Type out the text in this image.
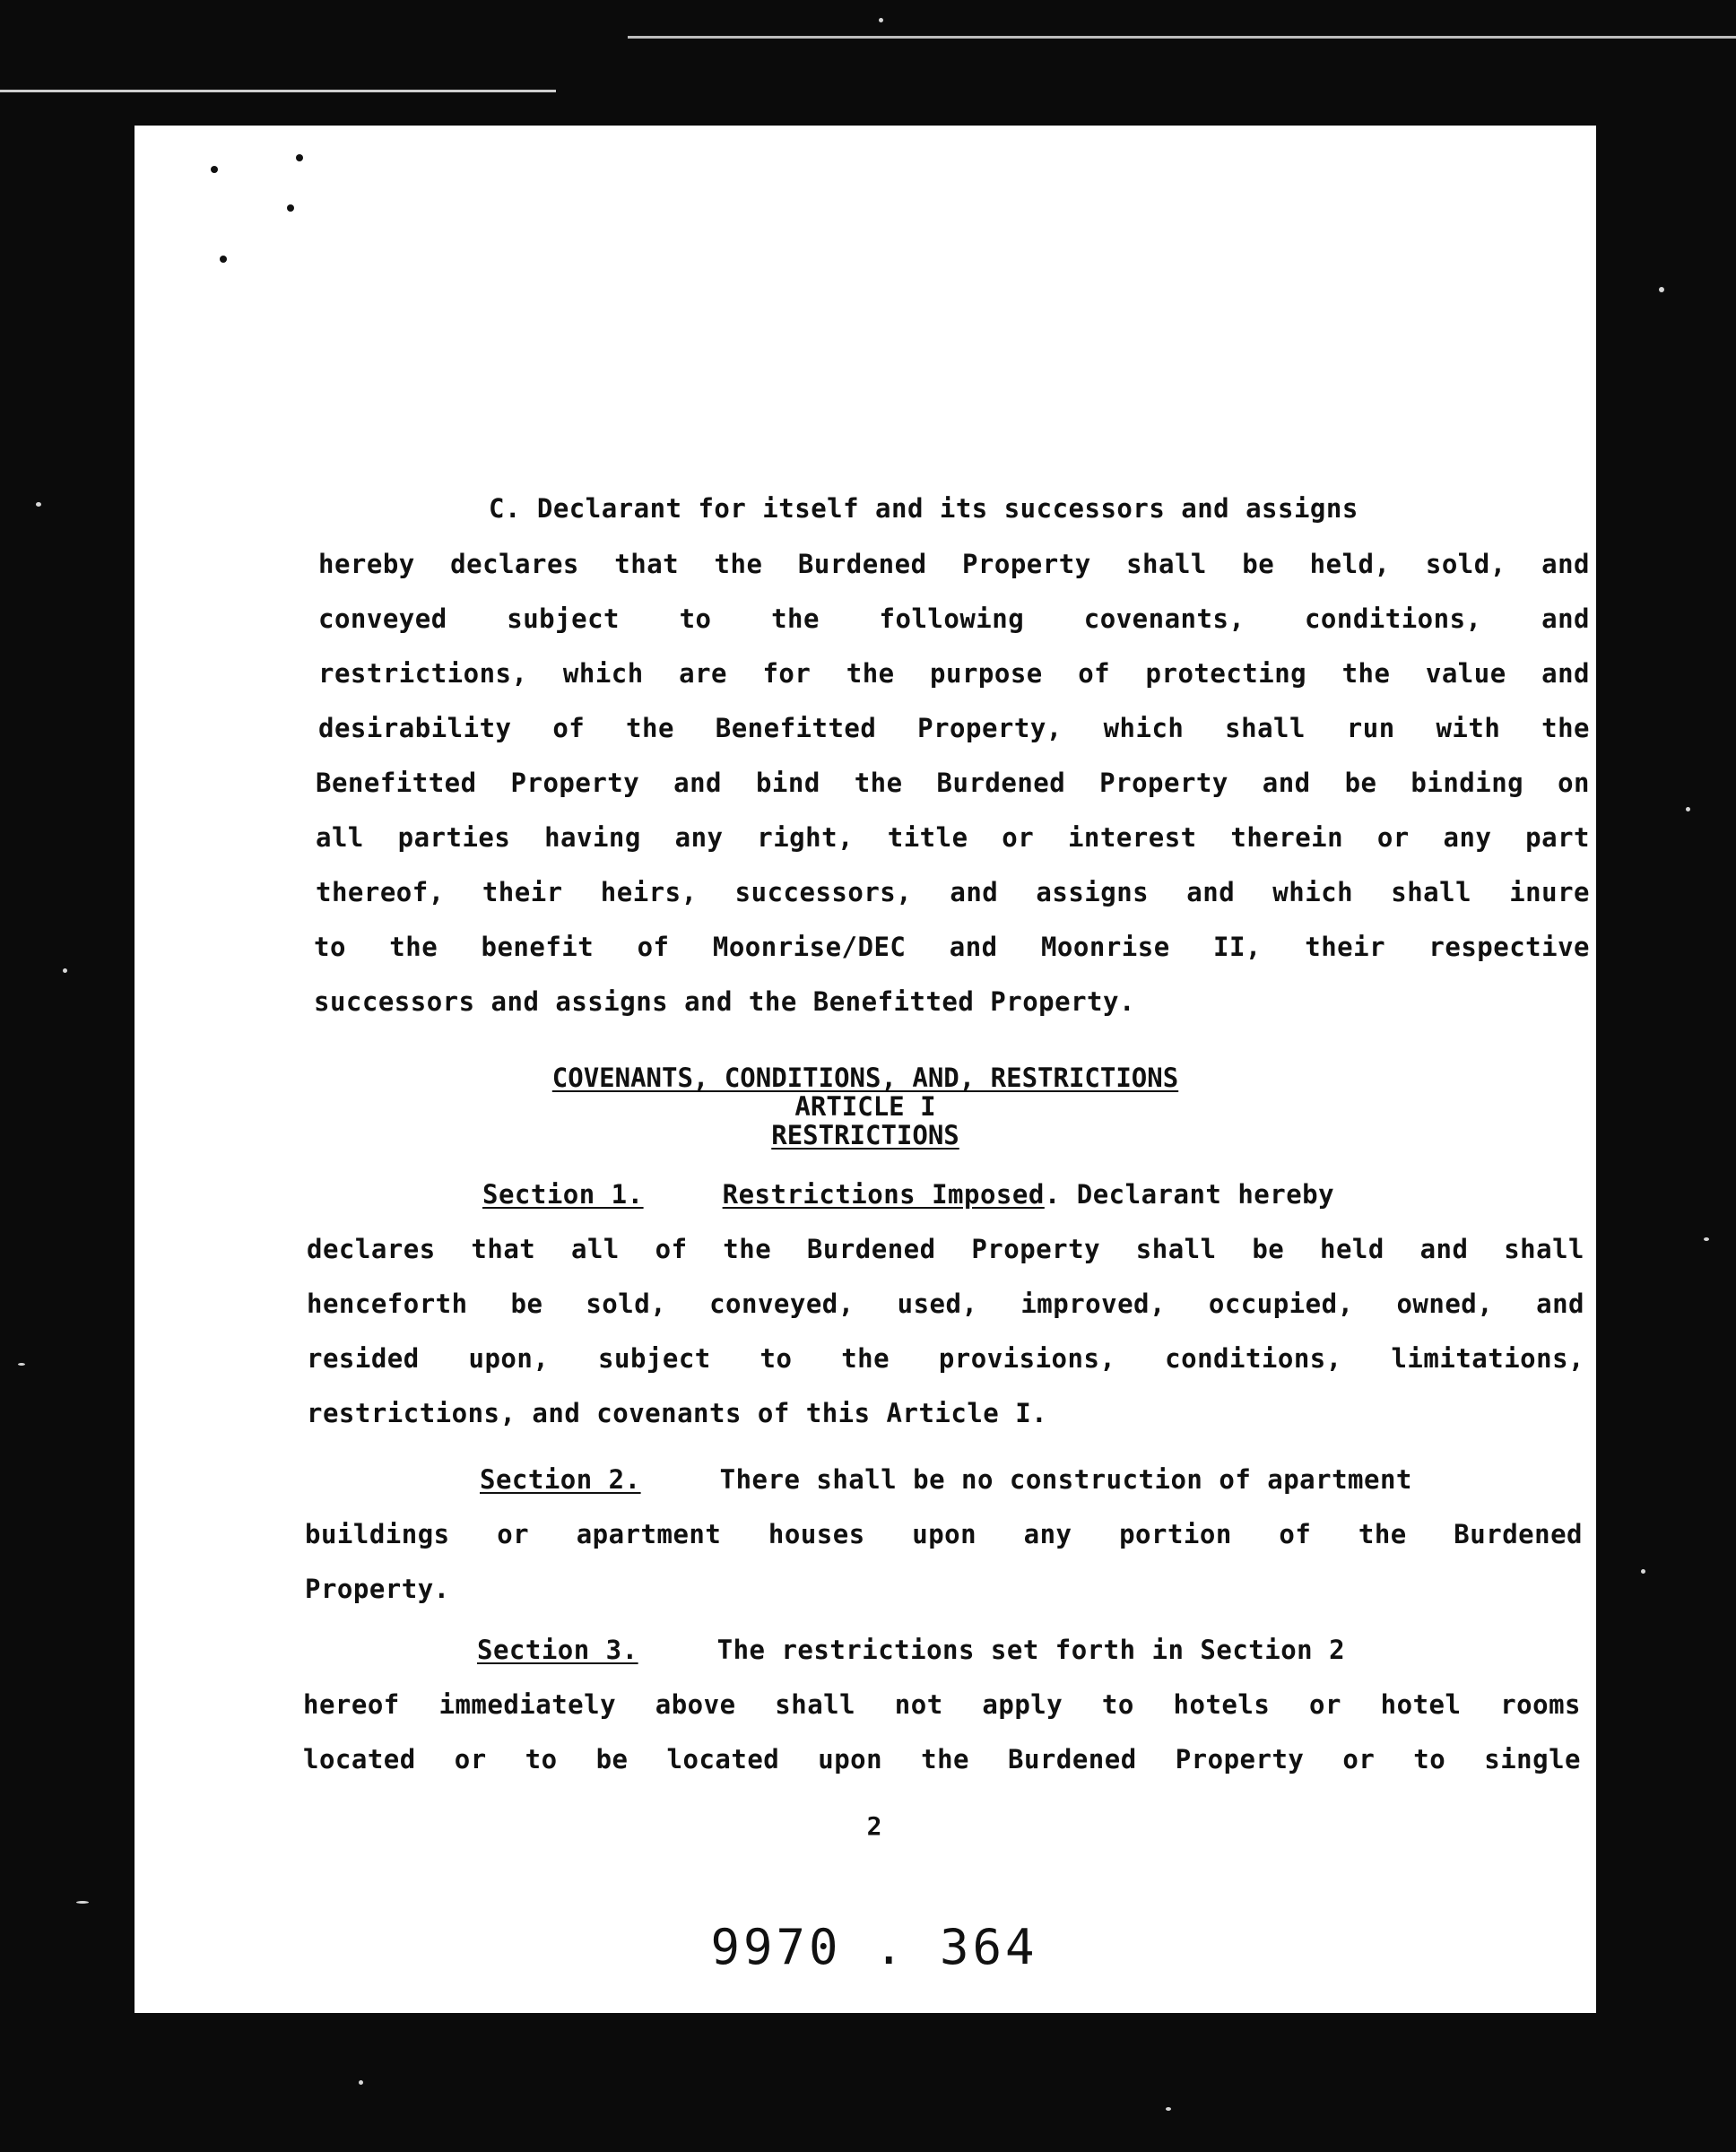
C. Declarant for itself and its successors and assigns
hereby declares that the Burdened Property shall be held, sold, and
conveyed subject to the following covenants, conditions, and
restrictions, which are for the purpose of protecting the value and
desirability of the Benefitted Property, which shall run with the
Benefitted Property and bind the Burdened Property and be binding on
all parties having any right, title or interest therein or any part
thereof, their heirs, successors, and assigns and which shall inure
to the benefit of Moonrise/DEC and Moonrise II, their respective
successors and assigns and the Benefitted Property.
COVENANTS, CONDITIONS, AND, RESTRICTIONS
ARTICLE I
RESTRICTIONS
Section 1.	Restrictions Imposed. Declarant hereby
declares that all of the Burdened Property shall be held and shall
henceforth be sold, conveyed, used, improved, occupied, owned, and
resided upon, subject to the provisions, conditions, limitations,
restrictions, and covenants of this Article I.
Section 2.	There shall be no construction of apartment
buildings or apartment houses upon any portion of the Burdened
Property.
Section 3.	The restrictions set forth in Section 2
hereof immediately above shall not apply to hotels or hotel rooms
located or to be located upon the Burdened Property or to single
2
9970 . 364
